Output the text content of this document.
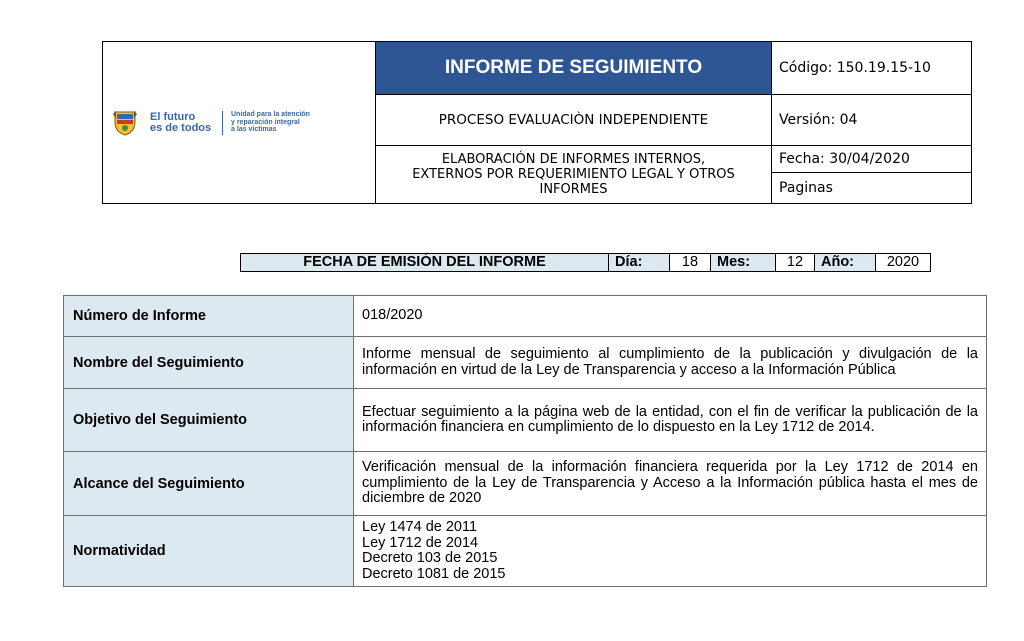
El futuro
es de todos
Unidad para la atención
y reparación integral
a las víctimas	INFORME DE SEGUIMIENTO	Código: 150.19.15-10
	PROCESO EVALUACIÒN INDEPENDIENTE	Versión: 04
	ELABORACIÓN DE INFORMES INTERNOS, EXTERNOS POR REQUERIMIENTO LEGAL Y OTROS INFORMES	Fecha: 30/04/2020
		Paginas
FECHA DE EMISIÓN DEL INFORME	Día:	18	Mes:	12	Año:	2020
Número de Informe	018/2020
Nombre del Seguimiento	Informe mensual de seguimiento al cumplimiento de la publicación y divulgación de la información en virtud de la Ley de Transparencia y acceso a la Información Pública
Objetivo del Seguimiento	Efectuar seguimiento a la página web de la entidad, con el fin de verificar la publicación de la información financiera en cumplimiento de lo dispuesto en la Ley 1712 de 2014.
Alcance del Seguimiento	Verificación mensual de la información financiera requerida por la Ley 1712 de 2014 en cumplimiento de la Ley de Transparencia y Acceso a la Información pública hasta el mes de diciembre de 2020
Normatividad	Ley 1474 de 2011
Ley 1712 de 2014
Decreto 103 de 2015
Decreto 1081 de 2015
